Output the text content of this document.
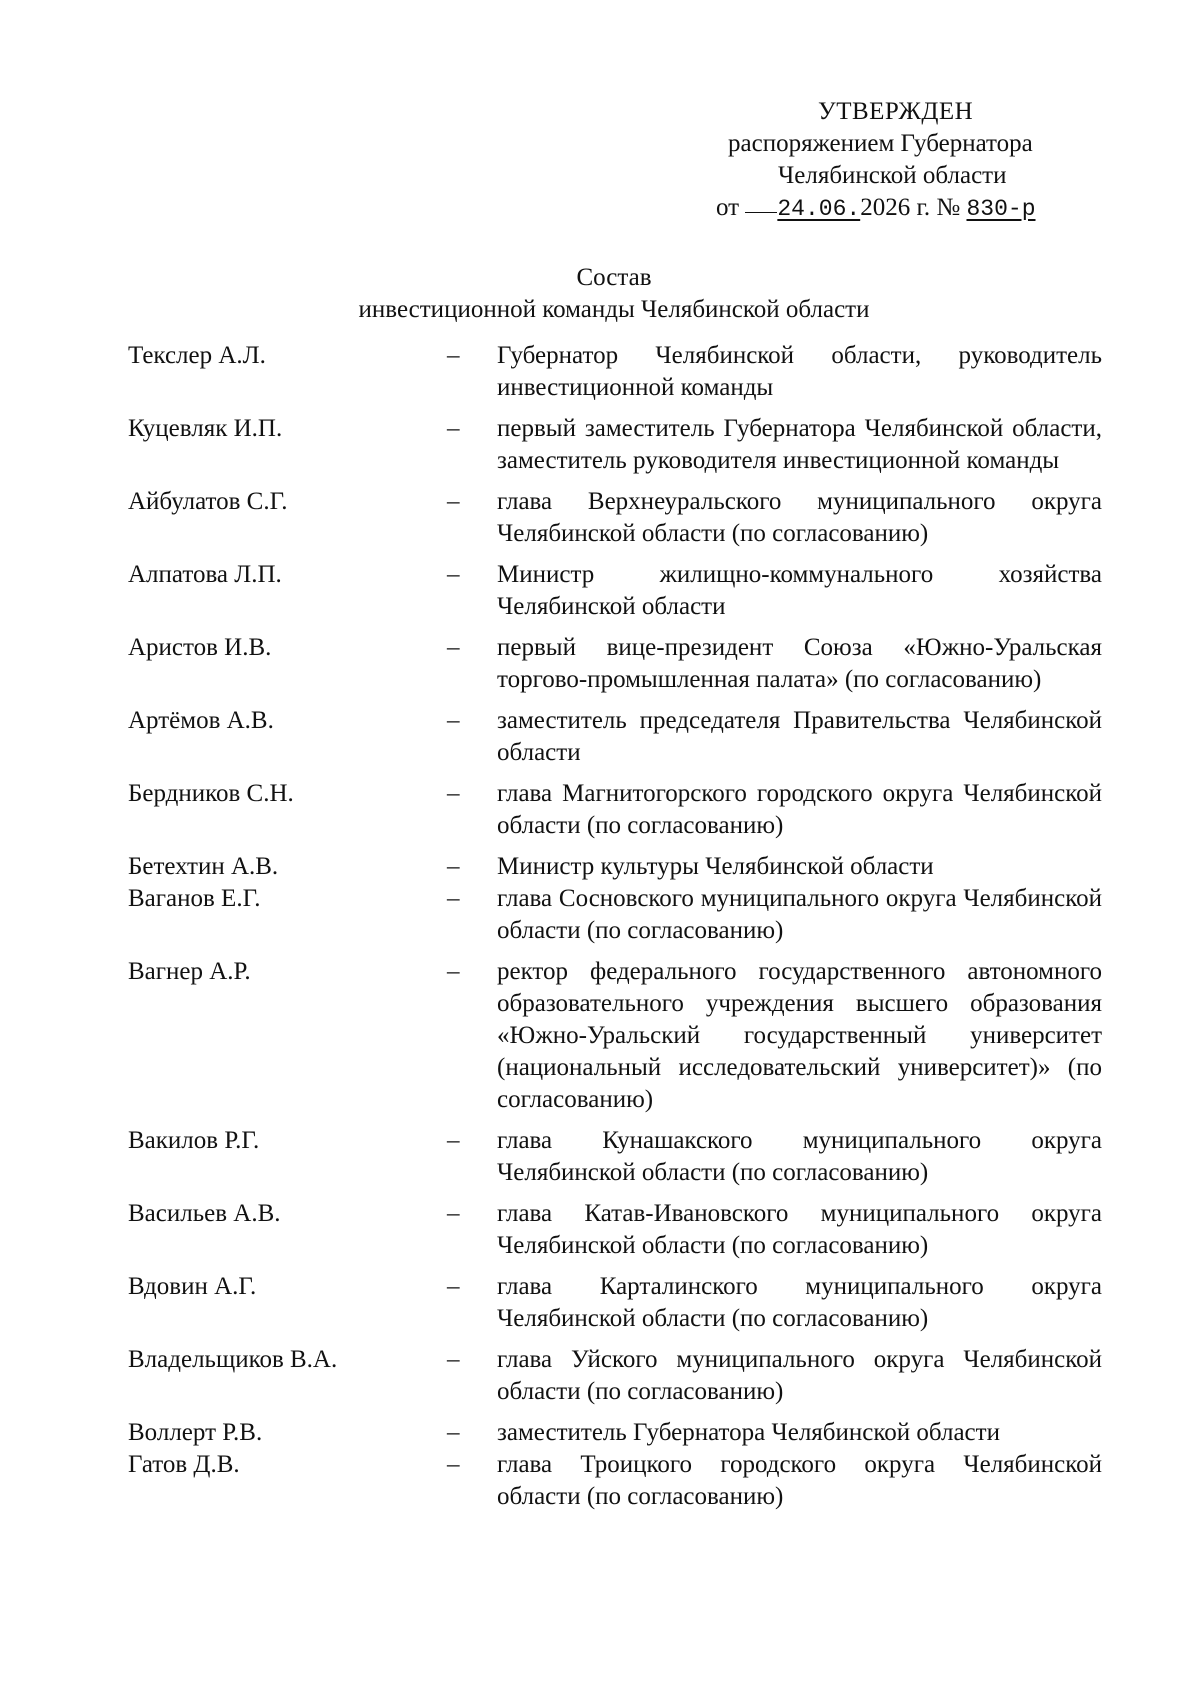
УТВЕРЖДЕН
распоряжением Губернатора
Челябинской области
от 24.06.2026 г. № 830-р
Состав
инвестиционной команды Челябинской области
Текслер А.Л.	–	Губернатор Челябинской области, руководитель инвестиционной команды
Куцевляк И.П.	–	первый заместитель Губернатора Челябинской области, заместитель руководителя инвестиционной команды
Айбулатов С.Г.	–	глава Верхнеуральского муниципального округа Челябинской области (по согласованию)
Алпатова Л.П.	–	Министр жилищно-коммунального хозяйства Челябинской области
Аристов И.В.	–	первый вице-президент Союза «Южно-Уральская торгово-промышленная палата» (по согласованию)
Артёмов А.В.	–	заместитель председателя Правительства Челябинской области
Бердников С.Н.	–	глава Магнитогорского городского округа Челябинской области (по согласованию)
Бетехтин А.В.	–	Министр культуры Челябинской области
Ваганов Е.Г.	–	глава Сосновского муниципального округа Челябинской области (по согласованию)
Вагнер А.Р.	–	ректор федерального государственного автономного образовательного учреждения высшего образования «Южно-Уральский государственный университет (национальный исследовательский университет)» (по согласованию)
Вакилов Р.Г.	–	глава Кунашакского муниципального округа Челябинской области (по согласованию)
Васильев А.В.	–	глава Катав-Ивановского муниципального округа Челябинской области (по согласованию)
Вдовин А.Г.	–	глава Карталинского муниципального округа Челябинской области (по согласованию)
Владельщиков В.А.	–	глава Уйского муниципального округа Челябинской области (по согласованию)
Воллерт Р.В.	–	заместитель Губернатора Челябинской области
Гатов Д.В.	–	глава Троицкого городского округа Челябинской области (по согласованию)
